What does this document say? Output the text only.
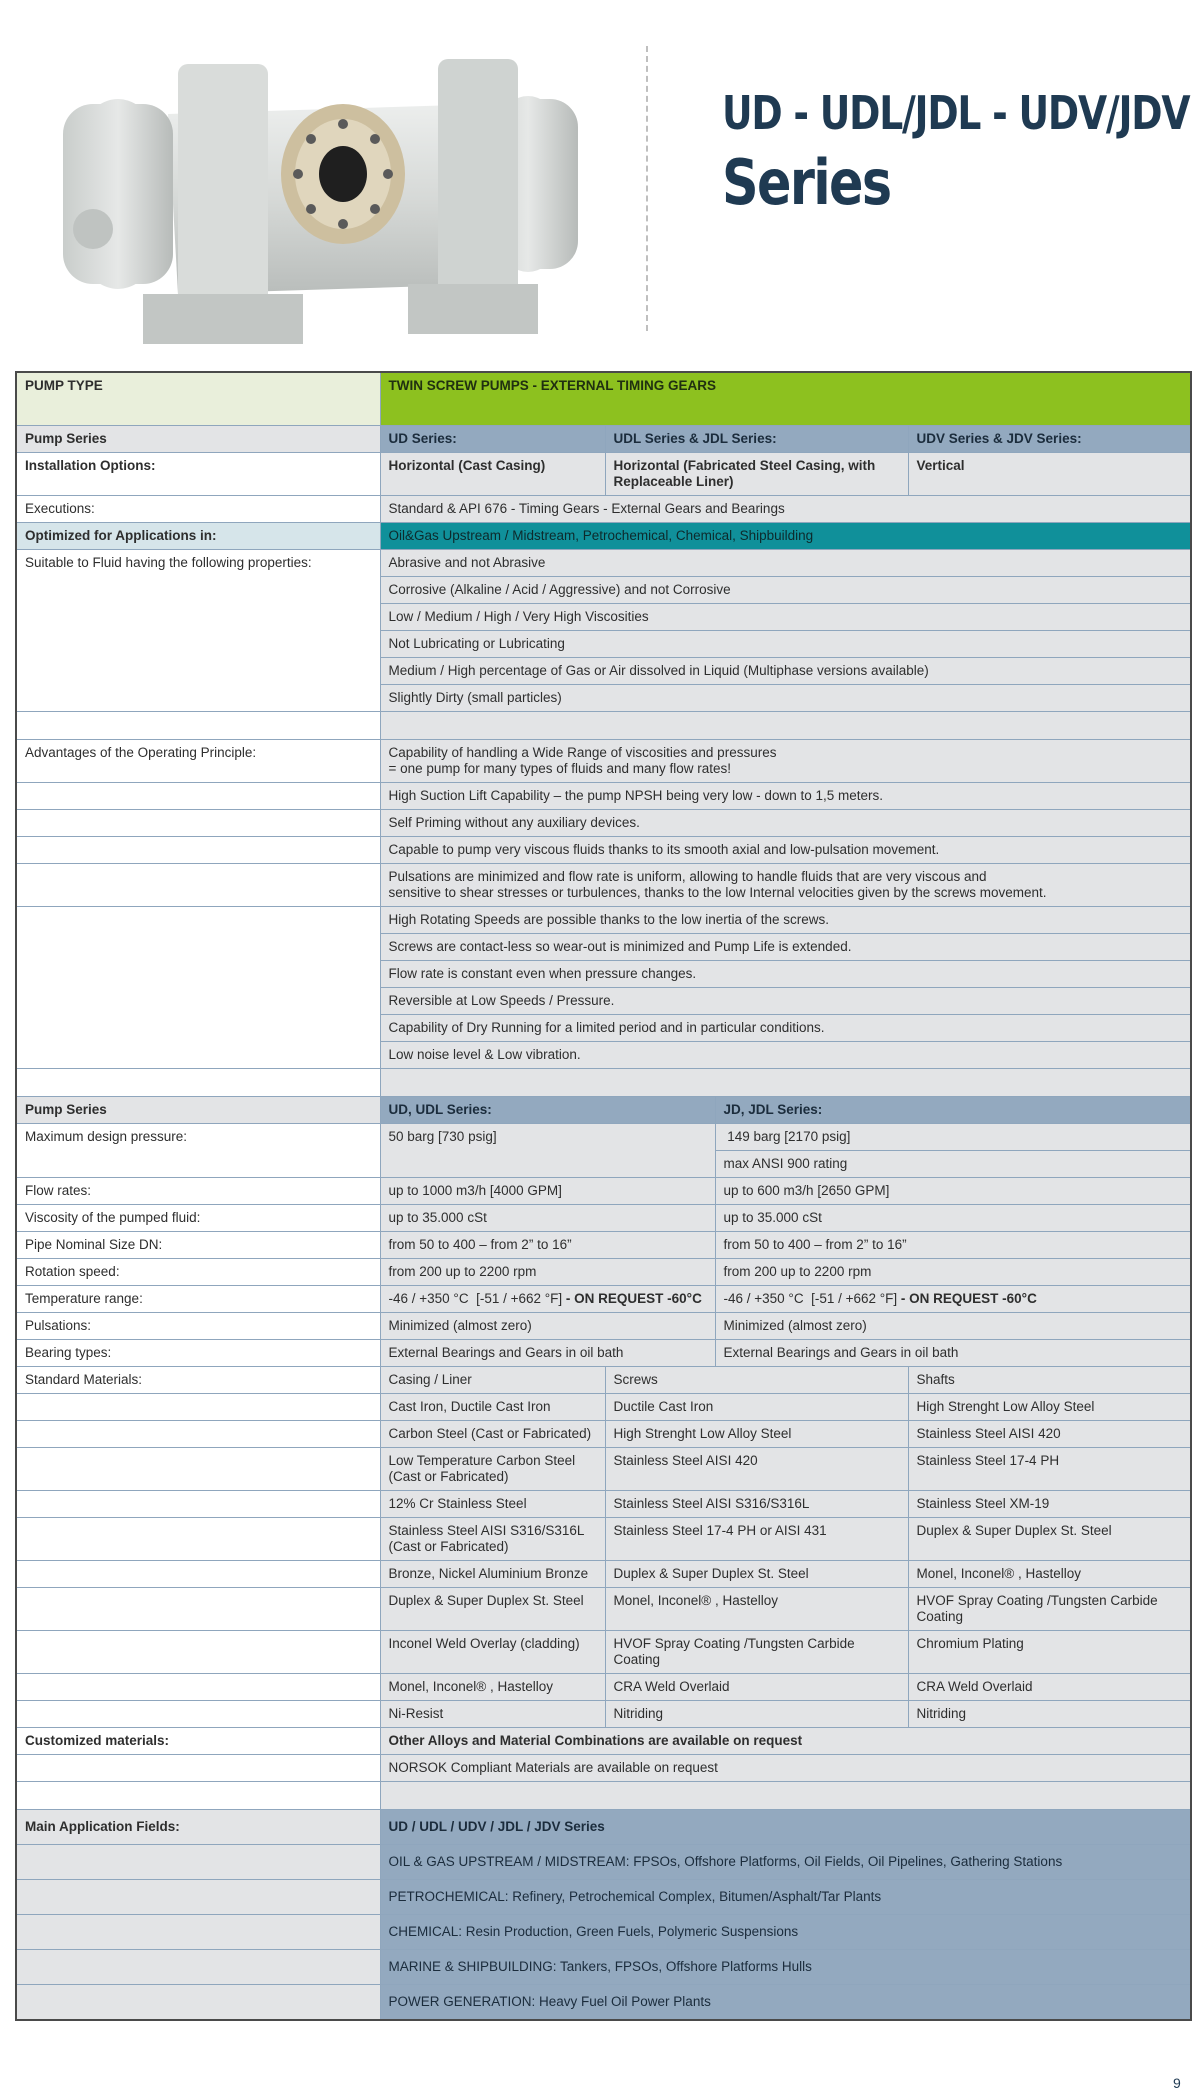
UD - UDL/JDL - UDV/JDV
Series
PUMP TYPE	TWIN SCREW PUMPS - EXTERNAL TIMING GEARS			
Pump Series	UD Series:	UDL Series & JDL Series:		UDV Series & JDV Series:
Installation Options:	Horizontal (Cast Casing)	Horizontal (Fabricated Steel Casing, with Replaceable Liner)		Vertical
Executions:	Standard & API 676 - Timing Gears - External Gears and Bearings			
Optimized for Applications in:	Oil&Gas Upstream / Midstream, Petrochemical, Chemical, Shipbuilding			
Suitable to Fluid having the following properties:	Abrasive and not Abrasive			
	Corrosive (Alkaline / Acid / Aggressive) and not Corrosive			
	Low / Medium / High / Very High Viscosities			
	Not Lubricating or Lubricating			
	Medium / High percentage of Gas or Air dissolved in Liquid (Multiphase versions available)			
	Slightly Dirty (small particles)			

Advantages of the Operating Principle:	Capability of handling a Wide Range of viscosities and pressures
= one pump for many types of fluids and many flow rates!			
	High Suction Lift Capability – the pump NPSH being very low - down to 1,5 meters.			
	Self Priming without any auxiliary devices.			
	Capable to pump very viscous fluids thanks to its smooth axial and low-pulsation movement.			
	Pulsations are minimized and flow rate is uniform, allowing to handle fluids that are very viscous and
sensitive to shear stresses or turbulences, thanks to the low Internal velocities given by the screws movement.			
	High Rotating Speeds are possible thanks to the low inertia of the screws.			
	Screws are contact-less so wear-out is minimized and Pump Life is extended.			
	Flow rate is constant even when pressure changes.			
	Reversible at Low Speeds / Pressure.			
	Capability of Dry Running for a limited period and in particular conditions.			
	Low noise level & Low vibration.			

Pump Series	UD, UDL Series:		JD, JDL Series:	
Maximum design pressure:	50 barg [730 psig]		149 barg [2170 psig]	
			max ANSI 900 rating	
Flow rates:	up to 1000 m3/h [4000 GPM]		up to 600 m3/h [2650 GPM]	
Viscosity of the pumped fluid:	up to 35.000 cSt		up to 35.000 cSt	
Pipe Nominal Size DN:	from 50 to 400 – from 2” to 16”		from 50 to 400 – from 2” to 16”	
Rotation speed:	from 200 up to 2200 rpm		from 200 up to 2200 rpm	
Temperature range:	-46 / +350 °C  [-51 / +662 °F] - ON REQUEST -60°C		-46 / +350 °C  [-51 / +662 °F] - ON REQUEST -60°C	
Pulsations:	Minimized (almost zero)		Minimized (almost zero)	
Bearing types:	External Bearings and Gears in oil bath		External Bearings and Gears in oil bath	
Standard Materials:	Casing / Liner	Screws		Shafts
	Cast Iron, Ductile Cast Iron	Ductile Cast Iron		High Strenght Low Alloy Steel
	Carbon Steel (Cast or Fabricated)	High Strenght Low Alloy Steel		Stainless Steel AISI 420
	Low Temperature Carbon Steel (Cast or Fabricated)	Stainless Steel AISI 420		Stainless Steel 17-4 PH
	12% Cr Stainless Steel	Stainless Steel AISI S316/S316L		Stainless Steel XM-19
	Stainless Steel AISI S316/S316L (Cast or Fabricated)	Stainless Steel 17-4 PH or AISI 431		Duplex & Super Duplex St. Steel
	Bronze, Nickel Aluminium Bronze	Duplex & Super Duplex St. Steel		Monel, Inconel® , Hastelloy
	Duplex & Super Duplex St. Steel	Monel, Inconel® , Hastelloy		HVOF Spray Coating /Tungsten Carbide Coating
	Inconel Weld Overlay (cladding)	HVOF Spray Coating /Tungsten Carbide Coating		Chromium Plating
	Monel, Inconel® , Hastelloy	CRA Weld Overlaid		CRA Weld Overlaid
	Ni-Resist	Nitriding		Nitriding
Customized materials:	Other Alloys and Material Combinations are available on request			
	NORSOK Compliant Materials are available on request			

Main Application Fields:	UD / UDL / UDV / JDL / JDV Series			
	OIL & GAS UPSTREAM / MIDSTREAM: FPSOs, Offshore Platforms, Oil Fields, Oil Pipelines, Gathering Stations			
	PETROCHEMICAL: Refinery, Petrochemical Complex, Bitumen/Asphalt/Tar Plants			
	CHEMICAL: Resin Production, Green Fuels, Polymeric Suspensions			
	MARINE & SHIPBUILDING: Tankers, FPSOs, Offshore Platforms Hulls			
	POWER GENERATION: Heavy Fuel Oil Power Plants			
9
